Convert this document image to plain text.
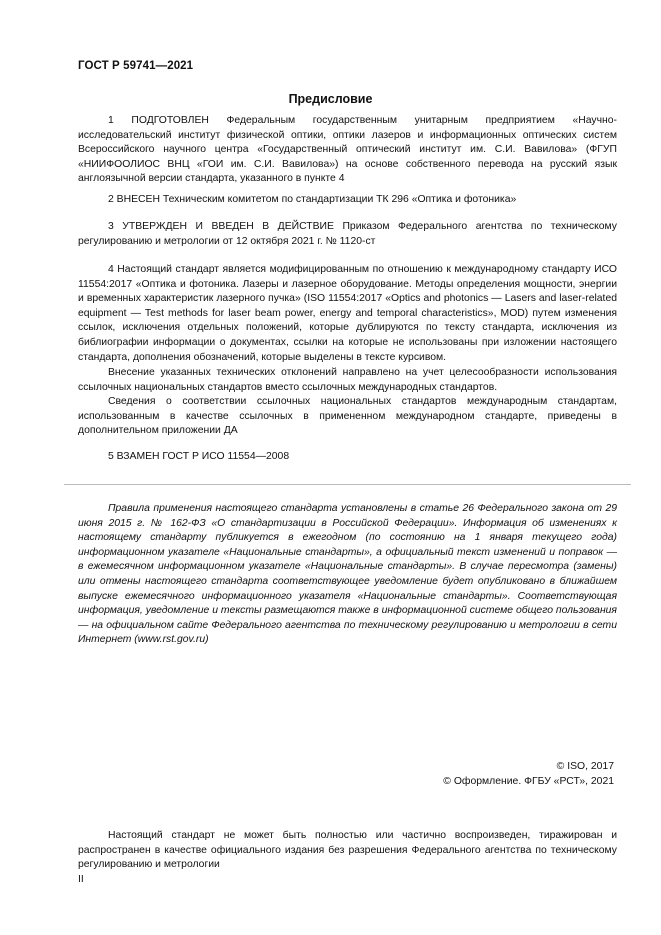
ГОСТ Р 59741—2021
Предисловие

1 ПОДГОТОВЛЕН Федеральным государственным унитарным предприятием «Научно-исследовательский институт физической оптики, оптики лазеров и информационных оптических систем Всероссийского научного центра «Государственный оптический институт им. С.И. Вавилова» (ФГУП «НИИФООЛИОС ВНЦ «ГОИ им. С.И. Вавилова») на основе собственного перевода на русский язык англоязычной версии стандарта, указанного в пункте 4

2 ВНЕСЕН Техническим комитетом по стандартизации ТК 296 «Оптика и фотоника»

3 УТВЕРЖДЕН И ВВЕДЕН В ДЕЙСТВИЕ Приказом Федерального агентства по техническому регулированию и метрологии от 12 октября 2021 г. № 1120-ст

4 Настоящий стандарт является модифицированным по отношению к международному стандарту ИСО 11554:2017 «Оптика и фотоника. Лазеры и лазерное оборудование. Методы определения мощности, энергии и временных характеристик лазерного пучка» (ISO 11554:2017 «Optics and photonics — Lasers and laser-related equipment — Test methods for laser beam power, energy and temporal characteristics», MOD) путем изменения ссылок, исключения отдельных положений, которые дублируются по тексту стандарта, исключения из библиографии информации о документах, ссылки на которые не использованы при изложении настоящего стандарта, дополнения обозначений, которые выделены в тексте курсивом.

Внесение указанных технических отклонений направлено на учет целесообразности использования ссылочных национальных стандартов вместо ссылочных международных стандартов.

Сведения о соответствии ссылочных национальных стандартов международным стандартам, использованным в качестве ссылочных в примененном международном стандарте, приведены в дополнительном приложении ДА

5 ВЗАМЕН ГОСТ Р ИСО 11554—2008

Правила применения настоящего стандарта установлены в статье 26 Федерального закона от 29 июня 2015 г. № 162-ФЗ «О стандартизации в Российской Федерации». Информация об изменениях к настоящему стандарту публикуется в ежегодном (по состоянию на 1 января текущего года) информационном указателе «Национальные стандарты», а официальный текст изменений и поправок — в ежемесячном информационном указателе «Национальные стандарты». В случае пересмотра (замены) или отмены настоящего стандарта соответствующее уведомление будет опубликовано в ближайшем выпуске ежемесячного информационного указателя «Национальные стандарты». Соответствующая информация, уведомление и тексты размещаются также в информационной системе общего пользования — на официальном сайте Федерального агентства по техническому регулированию и метрологии в сети Интернет (www.rst.gov.ru)

© ISO, 2017
© Оформление. ФГБУ «РСТ», 2021

Настоящий стандарт не может быть полностью или частично воспроизведен, тиражирован и распространен в качестве официального издания без разрешения Федерального агентства по техническому регулированию и метрологии

II
